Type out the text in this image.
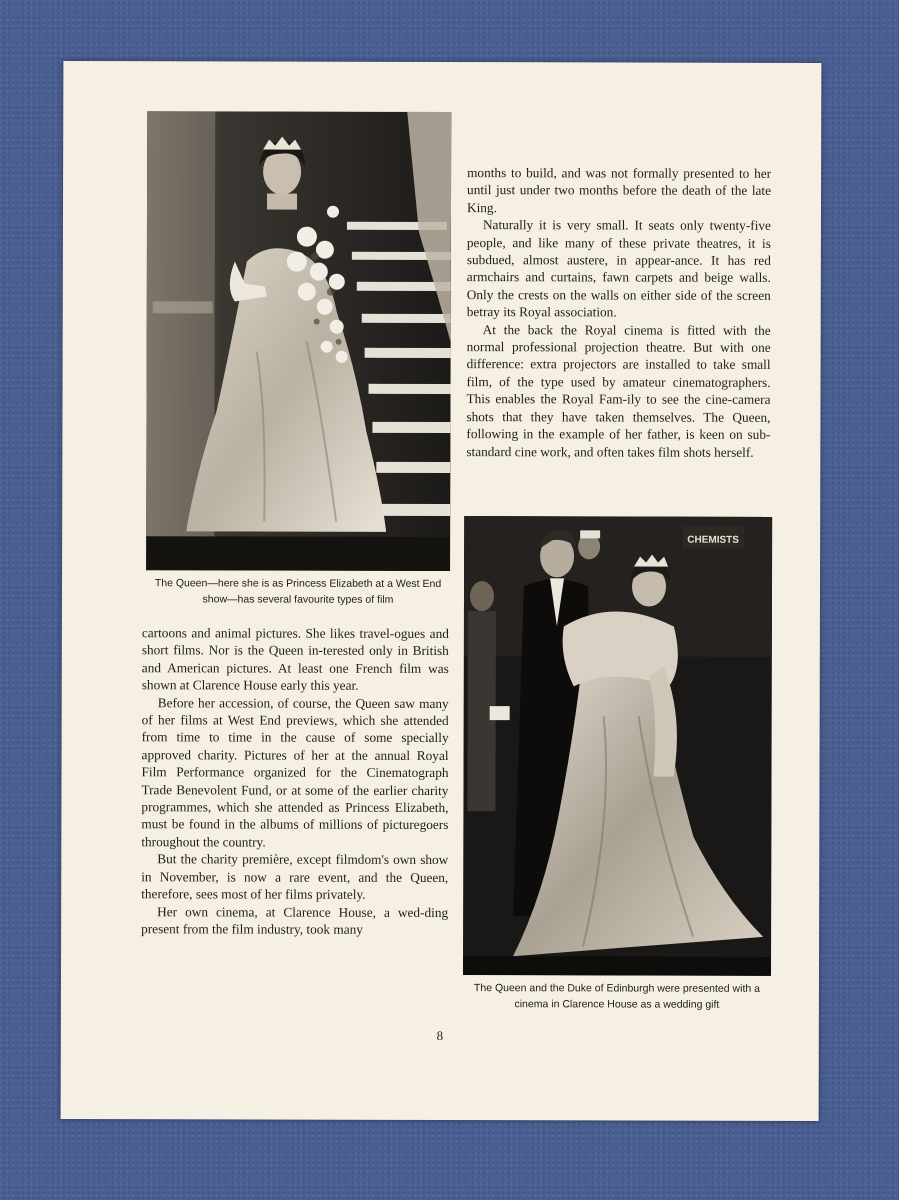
The Queen—here she is as Princess Elizabeth at a West End show—has several favourite types of film

months to build, and was not formally presented to her until just under two months before the death of the late King.

Naturally it is very small. It seats only twenty-five people, and like many of these private theatres, it is subdued, almost austere, in appear-ance. It has red armchairs and curtains, fawn carpets and beige walls. Only the crests on the walls on either side of the screen betray its Royal association.

At the back the Royal cinema is fitted with the normal professional projection theatre. But with one difference: extra projectors are installed to take small film, of the type used by amateur cinematographers. This enables the Royal Fam-ily to see the cine-camera shots that they have taken themselves. The Queen, following in the example of her father, is keen on sub-standard cine work, and often takes film shots herself.

CHEMISTS

The Queen and the Duke of Edinburgh were presented with a cinema in Clarence House as a wedding gift

cartoons and animal pictures. She likes travel-ogues and short films. Nor is the Queen in-terested only in British and American pictures. At least one French film was shown at Clarence House early this year.

Before her accession, of course, the Queen saw many of her films at West End previews, which she attended from time to time in the cause of some specially approved charity. Pictures of her at the annual Royal Film Performance organized for the Cinematograph Trade Benevolent Fund, or at some of the earlier charity programmes, which she attended as Princess Elizabeth, must be found in the albums of millions of picturegoers throughout the country.

But the charity première, except filmdom's own show in November, is now a rare event, and the Queen, therefore, sees most of her films privately.

Her own cinema, at Clarence House, a wed-ding present from the film industry, took many

8
